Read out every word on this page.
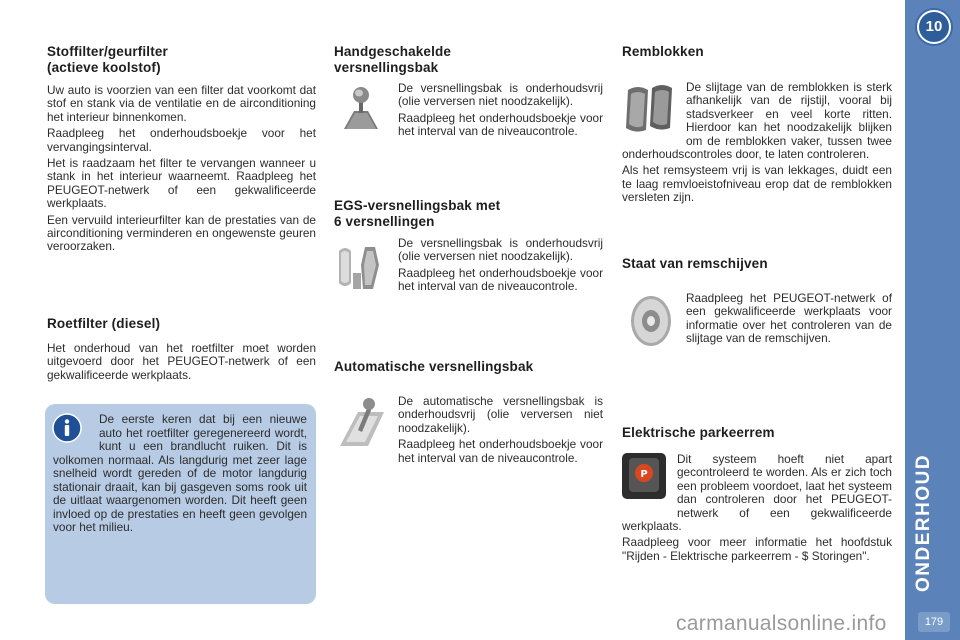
Stoffilter/geurfilter
(actieve koolstof)

Uw auto is voorzien van een filter dat voorkomt dat stof en stank via de ventilatie en de airconditioning het interieur binnenkomen.

Raadpleeg het onderhoudsboekje voor het vervangingsinterval.

Het is raadzaam het filter te vervangen wanneer u stank in het interieur waarneemt. Raadpleeg het PEUGEOT-netwerk of een gekwalificeerde werkplaats.

Een vervuild interieurfilter kan de prestaties van de airconditioning verminderen en ongewenste geuren veroorzaken.

Roetfilter (diesel)

Het onderhoud van het roetfilter moet worden uitgevoerd door het PEUGEOT-netwerk of een gekwalificeerde werkplaats.

De eerste keren dat bij een nieuwe auto het roetfilter geregenereerd wordt, kunt u een brandlucht ruiken. Dit is volkomen normaal. Als langdurig met zeer lage snelheid wordt gereden of de motor langdurig stationair draait, kan bij gasgeven soms rook uit de uitlaat waargenomen worden. Dit heeft geen invloed op de prestaties en heeft geen gevolgen voor het milieu.
Handgeschakelde
versnellingsbak

De versnellingsbak is onderhoudsvrij (olie verversen niet noodzakelijk).

Raadpleeg het onderhoudsboekje voor het interval van de niveaucontrole.

EGS-versnellingsbak met
6 versnellingen

De versnellingsbak is onderhoudsvrij (olie verversen niet noodzakelijk).

Raadpleeg het onderhoudsboekje voor het interval van de niveaucontrole.

Automatische versnellingsbak

De automatische versnellingsbak is onderhoudsvrij (olie verversen niet noodzakelijk).

Raadpleeg het onderhoudsboekje voor het interval van de niveaucontrole.

Remblokken

De slijtage van de remblokken is sterk afhankelijk van de rijstijl, vooral bij stadsverkeer en veel korte ritten. Hierdoor kan het noodzakelijk blijken om de remblokken vaker, tussen twee onderhoudscontroles door, te laten controleren.

Als het remsysteem vrij is van lekkages, duidt een te laag remvloeistofniveau erop dat de remblokken versleten zijn.

Staat van remschijven

Raadpleeg het PEUGEOT-netwerk of een gekwalificeerde werkplaats voor informatie over het controleren van de slijtage van de remschijven.

Elektrische parkeerrem
P

Dit systeem hoeft niet apart gecontroleerd te worden. Als er zich toch een probleem voordoet, laat het systeem dan controleren door het PEUGEOT-netwerk of een gekwalificeerde werkplaats.

Raadpleeg voor meer informatie het hoofdstuk "Rijden - Elektrische parkeerrem - $ Storingen".

10
ONDERHOUD
179
carmanualsonline.info
